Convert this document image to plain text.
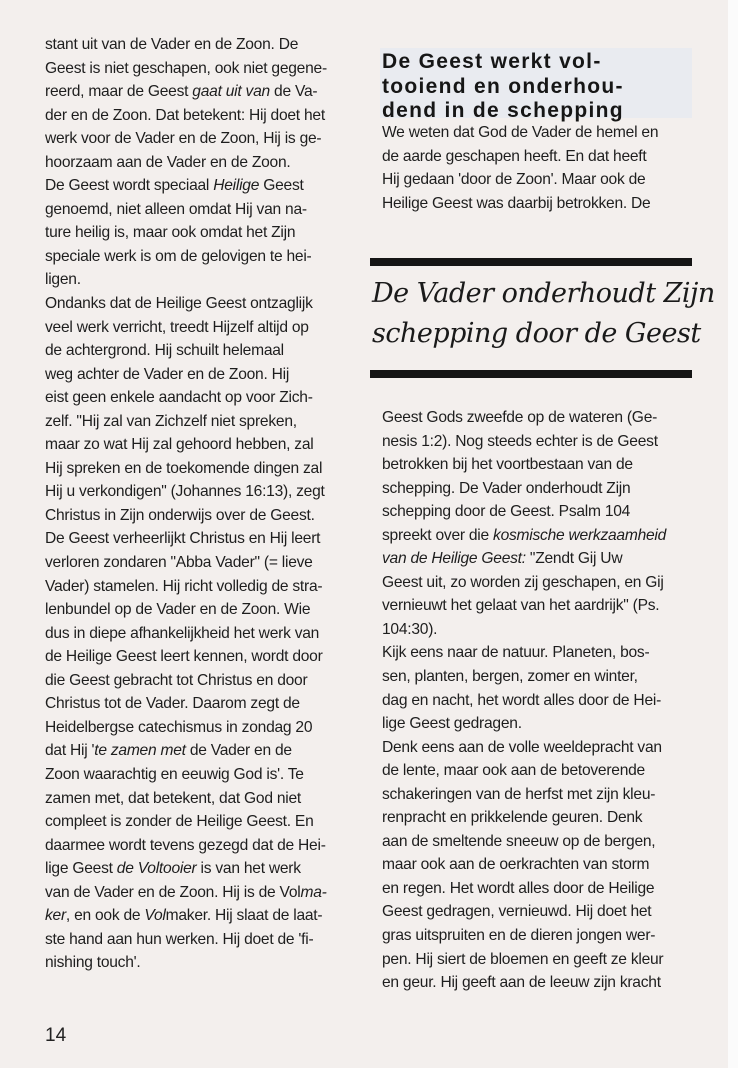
stant uit van de Vader en de Zoon. De
Geest is niet geschapen, ook niet gegene-
reerd, maar de Geest gaat uit van de Va-
der en de Zoon. Dat betekent: Hij doet het
werk voor de Vader en de Zoon, Hij is ge-
hoorzaam aan de Vader en de Zoon.
De Geest wordt speciaal Heilige Geest
genoemd, niet alleen omdat Hij van na-
ture heilig is, maar ook omdat het Zijn
speciale werk is om de gelovigen te hei-
ligen.
Ondanks dat de Heilige Geest ontzaglijk
veel werk verricht, treedt Hijzelf altijd op
de achtergrond. Hij schuilt helemaal
weg achter de Vader en de Zoon. Hij
eist geen enkele aandacht op voor Zich-
zelf. "Hij zal van Zichzelf niet spreken,
maar zo wat Hij zal gehoord hebben, zal
Hij spreken en de toekomende dingen zal
Hij u verkondigen" (Johannes 16:13), zegt
Christus in Zijn onderwijs over de Geest.
De Geest verheerlijkt Christus en Hij leert
verloren zondaren "Abba Vader" (= lieve
Vader) stamelen. Hij richt volledig de stra-
lenbundel op de Vader en de Zoon. Wie
dus in diepe afhankelijkheid het werk van
de Heilige Geest leert kennen, wordt door
die Geest gebracht tot Christus en door
Christus tot de Vader. Daarom zegt de
Heidelbergse catechismus in zondag 20
dat Hij 'te zamen met de Vader en de
Zoon waarachtig en eeuwig God is'. Te
zamen met, dat betekent, dat God niet
compleet is zonder de Heilige Geest. En
daarmee wordt tevens gezegd dat de Hei-
lige Geest de Voltooier is van het werk
van de Vader en de Zoon. Hij is de Volma-
ker, en ook de Volmaker. Hij slaat de laat-
ste hand aan hun werken. Hij doet de 'fi-
nishing touch'.
De Geest werkt vol-
tooiend en onderhou-
dend in de schepping
We weten dat God de Vader de hemel en
de aarde geschapen heeft. En dat heeft
Hij gedaan 'door de Zoon'. Maar ook de
Heilige Geest was daarbij betrokken. De
De Vader onderhoudt Zijn
schepping door de Geest
Geest Gods zweefde op de wateren (Ge-
nesis 1:2). Nog steeds echter is de Geest
betrokken bij het voortbestaan van de
schepping. De Vader onderhoudt Zijn
schepping door de Geest. Psalm 104
spreekt over die kosmische werkzaamheid
van de Heilige Geest: "Zendt Gij Uw
Geest uit, zo worden zij geschapen, en Gij
vernieuwt het gelaat van het aardrijk" (Ps.
104:30).
Kijk eens naar de natuur. Planeten, bos-
sen, planten, bergen, zomer en winter,
dag en nacht, het wordt alles door de Hei-
lige Geest gedragen.
Denk eens aan de volle weeldepracht van
de lente, maar ook aan de betoverende
schakeringen van de herfst met zijn kleu-
renpracht en prikkelende geuren. Denk
aan de smeltende sneeuw op de bergen,
maar ook aan de oerkrachten van storm
en regen. Het wordt alles door de Heilige
Geest gedragen, vernieuwd. Hij doet het
gras uitspruiten en de dieren jongen wer-
pen. Hij siert de bloemen en geeft ze kleur
en geur. Hij geeft aan de leeuw zijn kracht
14
